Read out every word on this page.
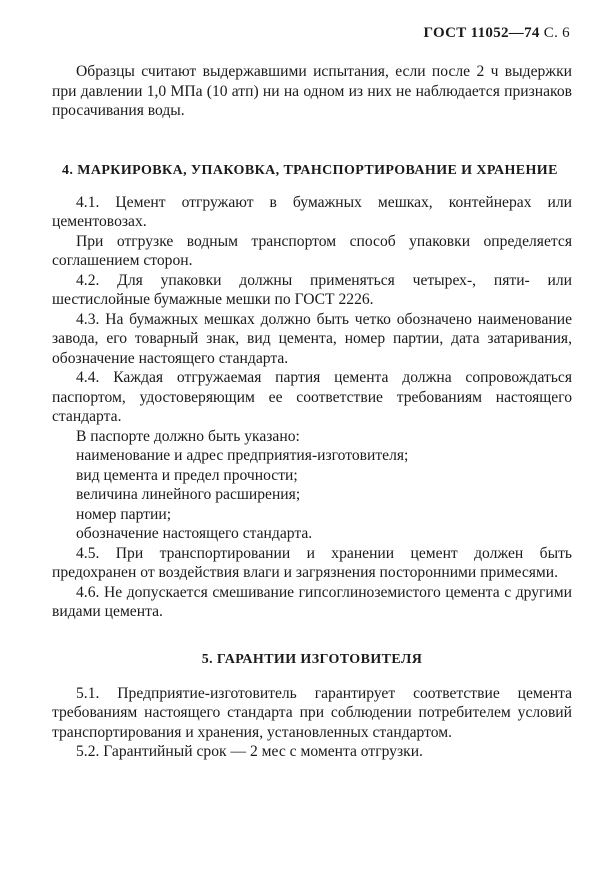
ГОСТ 11052—74 С. 6

Образцы считают выдержавшими испытания, если после 2 ч выдержки при давлении 1,0 МПа (10 атп) ни на одном из них не наблюдается признаков просачивания воды.

4. МАРКИРОВКА, УПАКОВКА, ТРАНСПОРТИРОВАНИЕ И ХРАНЕНИЕ

4.1. Цемент отгружают в бумажных мешках, контейнерах или цементовозах.

При отгрузке водным транспортом способ упаковки определяется соглашением сторон.

4.2. Для упаковки должны применяться четырех-, пяти- или шестислойные бумажные мешки по ГОСТ 2226.

4.3. На бумажных мешках должно быть четко обозначено наименование завода, его товарный знак, вид цемента, номер партии, дата затаривания, обозначение настоящего стандарта.

4.4. Каждая отгружаемая партия цемента должна сопровождаться паспортом, удостоверяющим ее соответствие требованиям настоящего стандарта.

В паспорте должно быть указано:

наименование и адрес предприятия-изготовителя;
вид цемента и предел прочности;
величина линейного расширения;
номер партии;
обозначение настоящего стандарта.

4.5. При транспортировании и хранении цемент должен быть предохранен от воздействия влаги и загрязнения посторонними примесями.

4.6. Не допускается смешивание гипсоглиноземистого цемента с другими видами цемента.

5. ГАРАНТИИ ИЗГОТОВИТЕЛЯ

5.1. Предприятие-изготовитель гарантирует соответствие цемента требованиям настоящего стандарта при соблюдении потребителем условий транспортирования и хранения, установленных стандартом.

5.2. Гарантийный срок — 2 мес с момента отгрузки.
